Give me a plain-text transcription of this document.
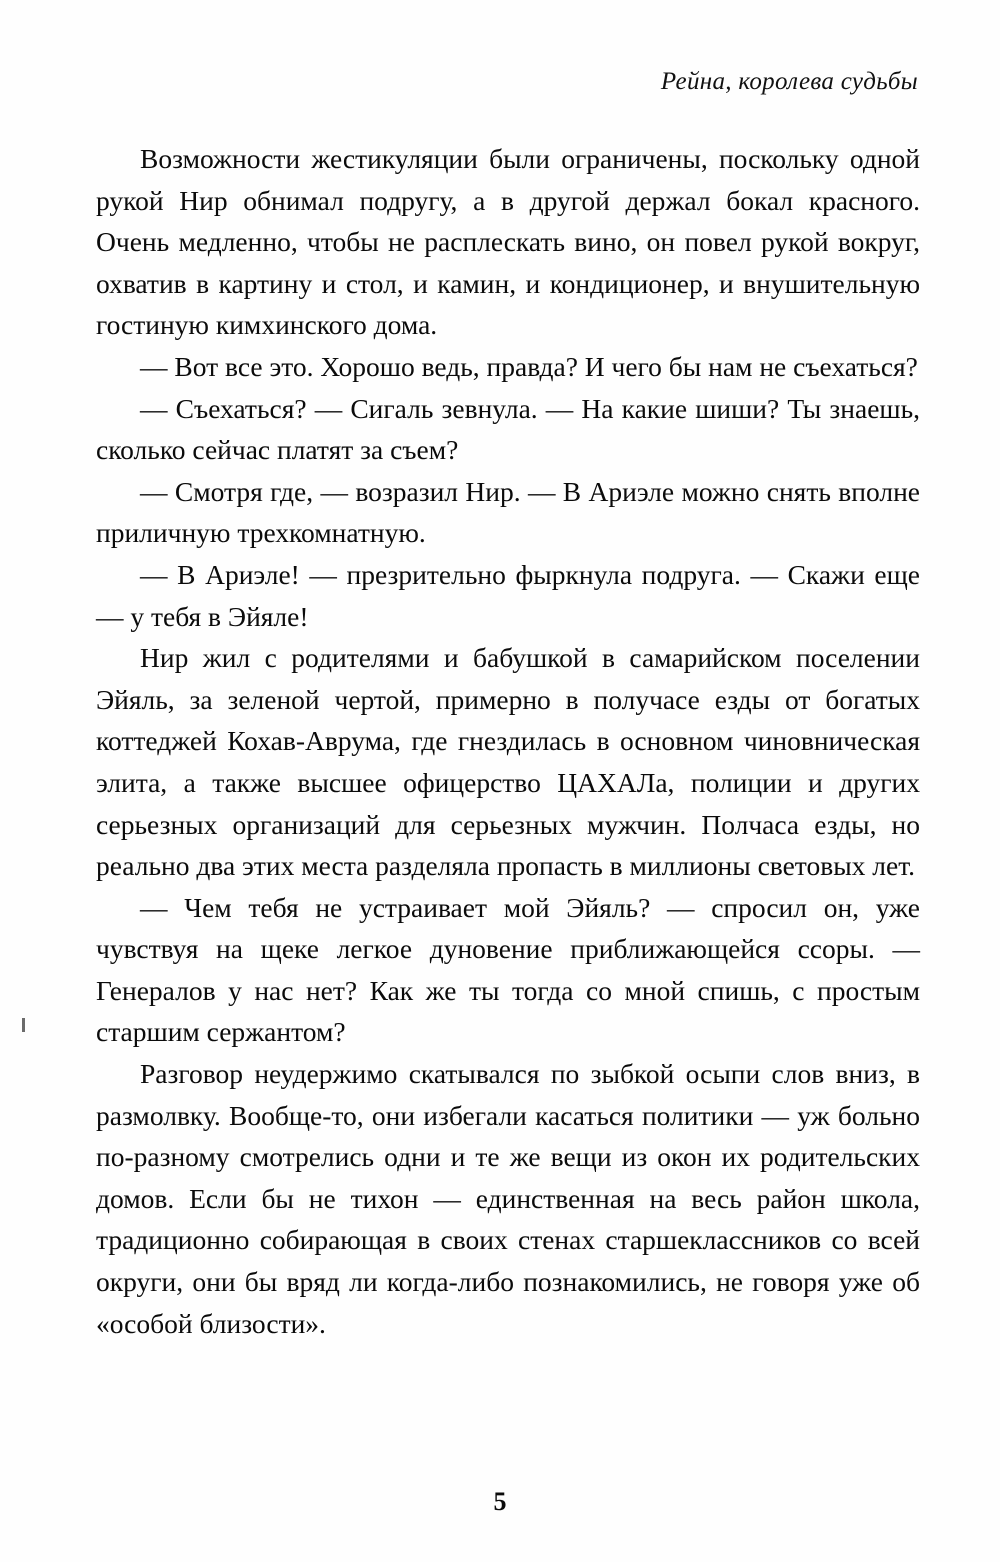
Рейна, королева судьбы

Возможности жестикуляции были ограничены, поскольку одной рукой Нир обнимал подругу, а в другой держал бокал красного. Очень медленно, чтобы не расплескать вино, он повел рукой вокруг, охватив в картину и стол, и камин, и кондиционер, и внушительную гостиную кимхинского дома.

— Вот все это. Хорошо ведь, правда? И чего бы нам не съехаться?

— Съехаться? — Сигаль зевнула. — На какие шиши? Ты знаешь, сколько сейчас платят за съем?

— Смотря где, — возразил Нир. — В Ариэле можно снять вполне приличную трехкомнатную.

— В Ариэле! — презрительно фыркнула подруга. — Скажи еще — у тебя в Эйяле!

Нир жил с родителями и бабушкой в самарийском поселении Эйяль, за зеленой чертой, примерно в получасе езды от богатых коттеджей Кохав-Аврума, где гнездилась в основном чиновническая элита, а также высшее офицерство ЦАХАЛа, полиции и других серьезных организаций для серьезных мужчин. Полчаса езды, но реально два этих места разделяла пропасть в миллионы световых лет.

— Чем тебя не устраивает мой Эйяль? — спросил он, уже чувствуя на щеке легкое дуновение приближающейся ссоры. — Генералов у нас нет? Как же ты тогда со мной спишь, с простым старшим сержантом?

Разговор неудержимо скатывался по зыбкой осыпи слов вниз, в размолвку. Вообще-то, они избегали касаться политики — уж больно по-разному смотрелись одни и те же вещи из окон их родительских домов. Если бы не тихон — единственная на весь район школа, традиционно собирающая в своих стенах старшеклассников со всей округи, они бы вряд ли когда-либо познакомились, не говоря уже об «особой близости».

5
